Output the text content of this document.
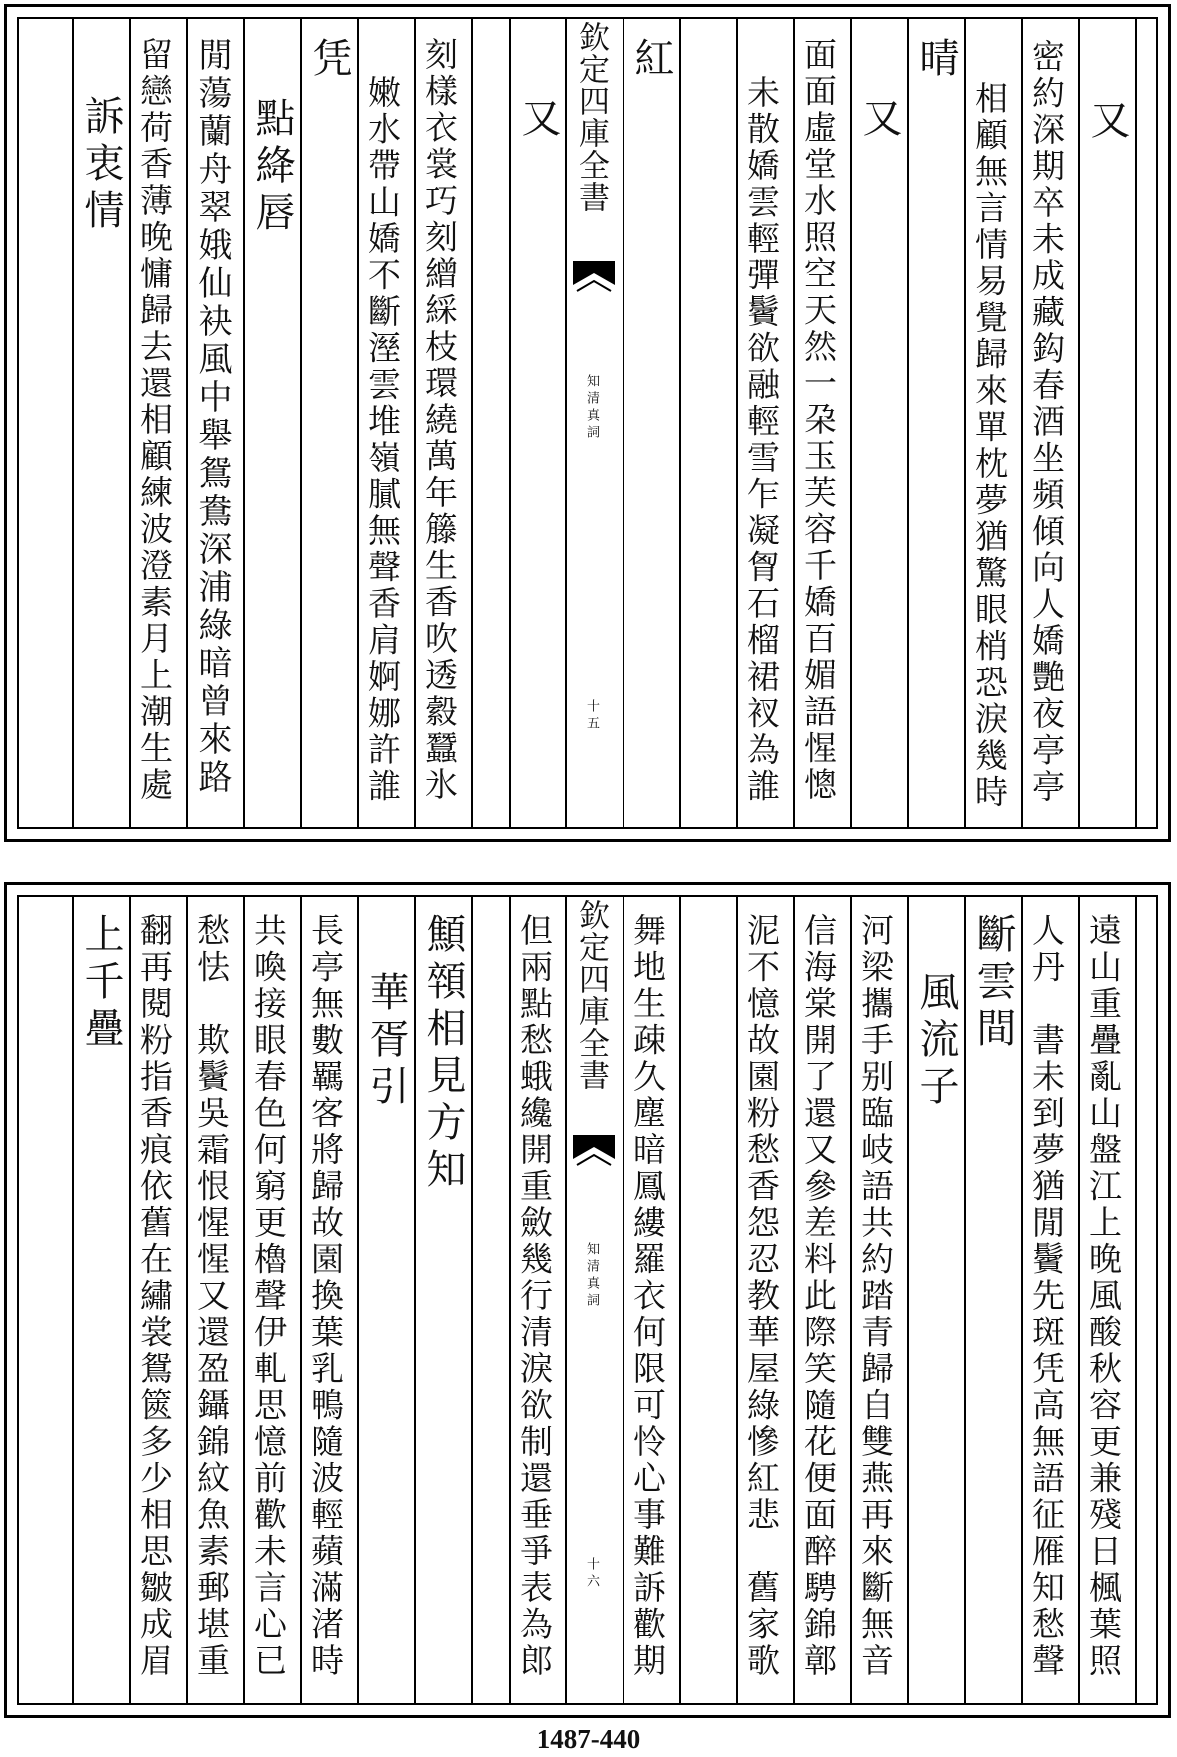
欽定四庫全書
知清真詞
十五
又
密約深期卒未成藏鈎春酒坐頻傾向人嬌艷夜亭亭
相顧無言情易覺歸來單枕夢猶驚眼梢恐淚幾時
晴
又
面面虛堂水照空天然一朶玉芙容千嬌百媚語惺憁
未散嬌雲輕彈鬢欲融輕雪乍凝胷石榴裙衩為誰
紅
又
刻樣衣裳巧刻繒綵枝環繞萬年籐生香吹透縠蠶氷
嫩水帶山嬌不斷溼雲堆嶺膩無聲香肩婀娜許誰
凭
點絳唇
閒蕩蘭舟翠娥仙袂風中舉鴛鴦深浦綠暗曾來路
留戀荷香薄晚慵歸去還相顧練波澄素月上潮生處
訴衷情
欽定四庫全書
知清真詞
十六	遠山重疊亂山盤江上晚風酸秋容更兼殘日楓葉照
人丹　書未到夢猶閒鬢先斑凭高無語征雁知愁聲
斷雲間
風流子
河梁攜手别臨岐語共約踏青歸自雙燕再來斷無音
信海棠開了還又參差料此際笑隨花便面醉騁錦鄣
泥不憶故園粉愁香怨忍教華屋綠慘紅悲　舊家歌
舞地生疎久塵暗鳳縷羅衣何限可怜心事難訴歡期
但兩點愁蛾纔開重斂幾行清淚欲制還垂爭表為郎
顦顇相見方知
華胥引
長亭無數羈客將歸故園換葉乳鴨隨波輕蘋滿渚時
共喚接眼春色何窮更櫓聲伊軋思憶前歡未言心已
愁怯　欺鬢吳霜恨惺惺又還盈鑷錦紋魚素郵堪重
翻再閱粉指香痕依舊在繡裳鴛篋多少相思皺成眉
上千疊
1487-440
